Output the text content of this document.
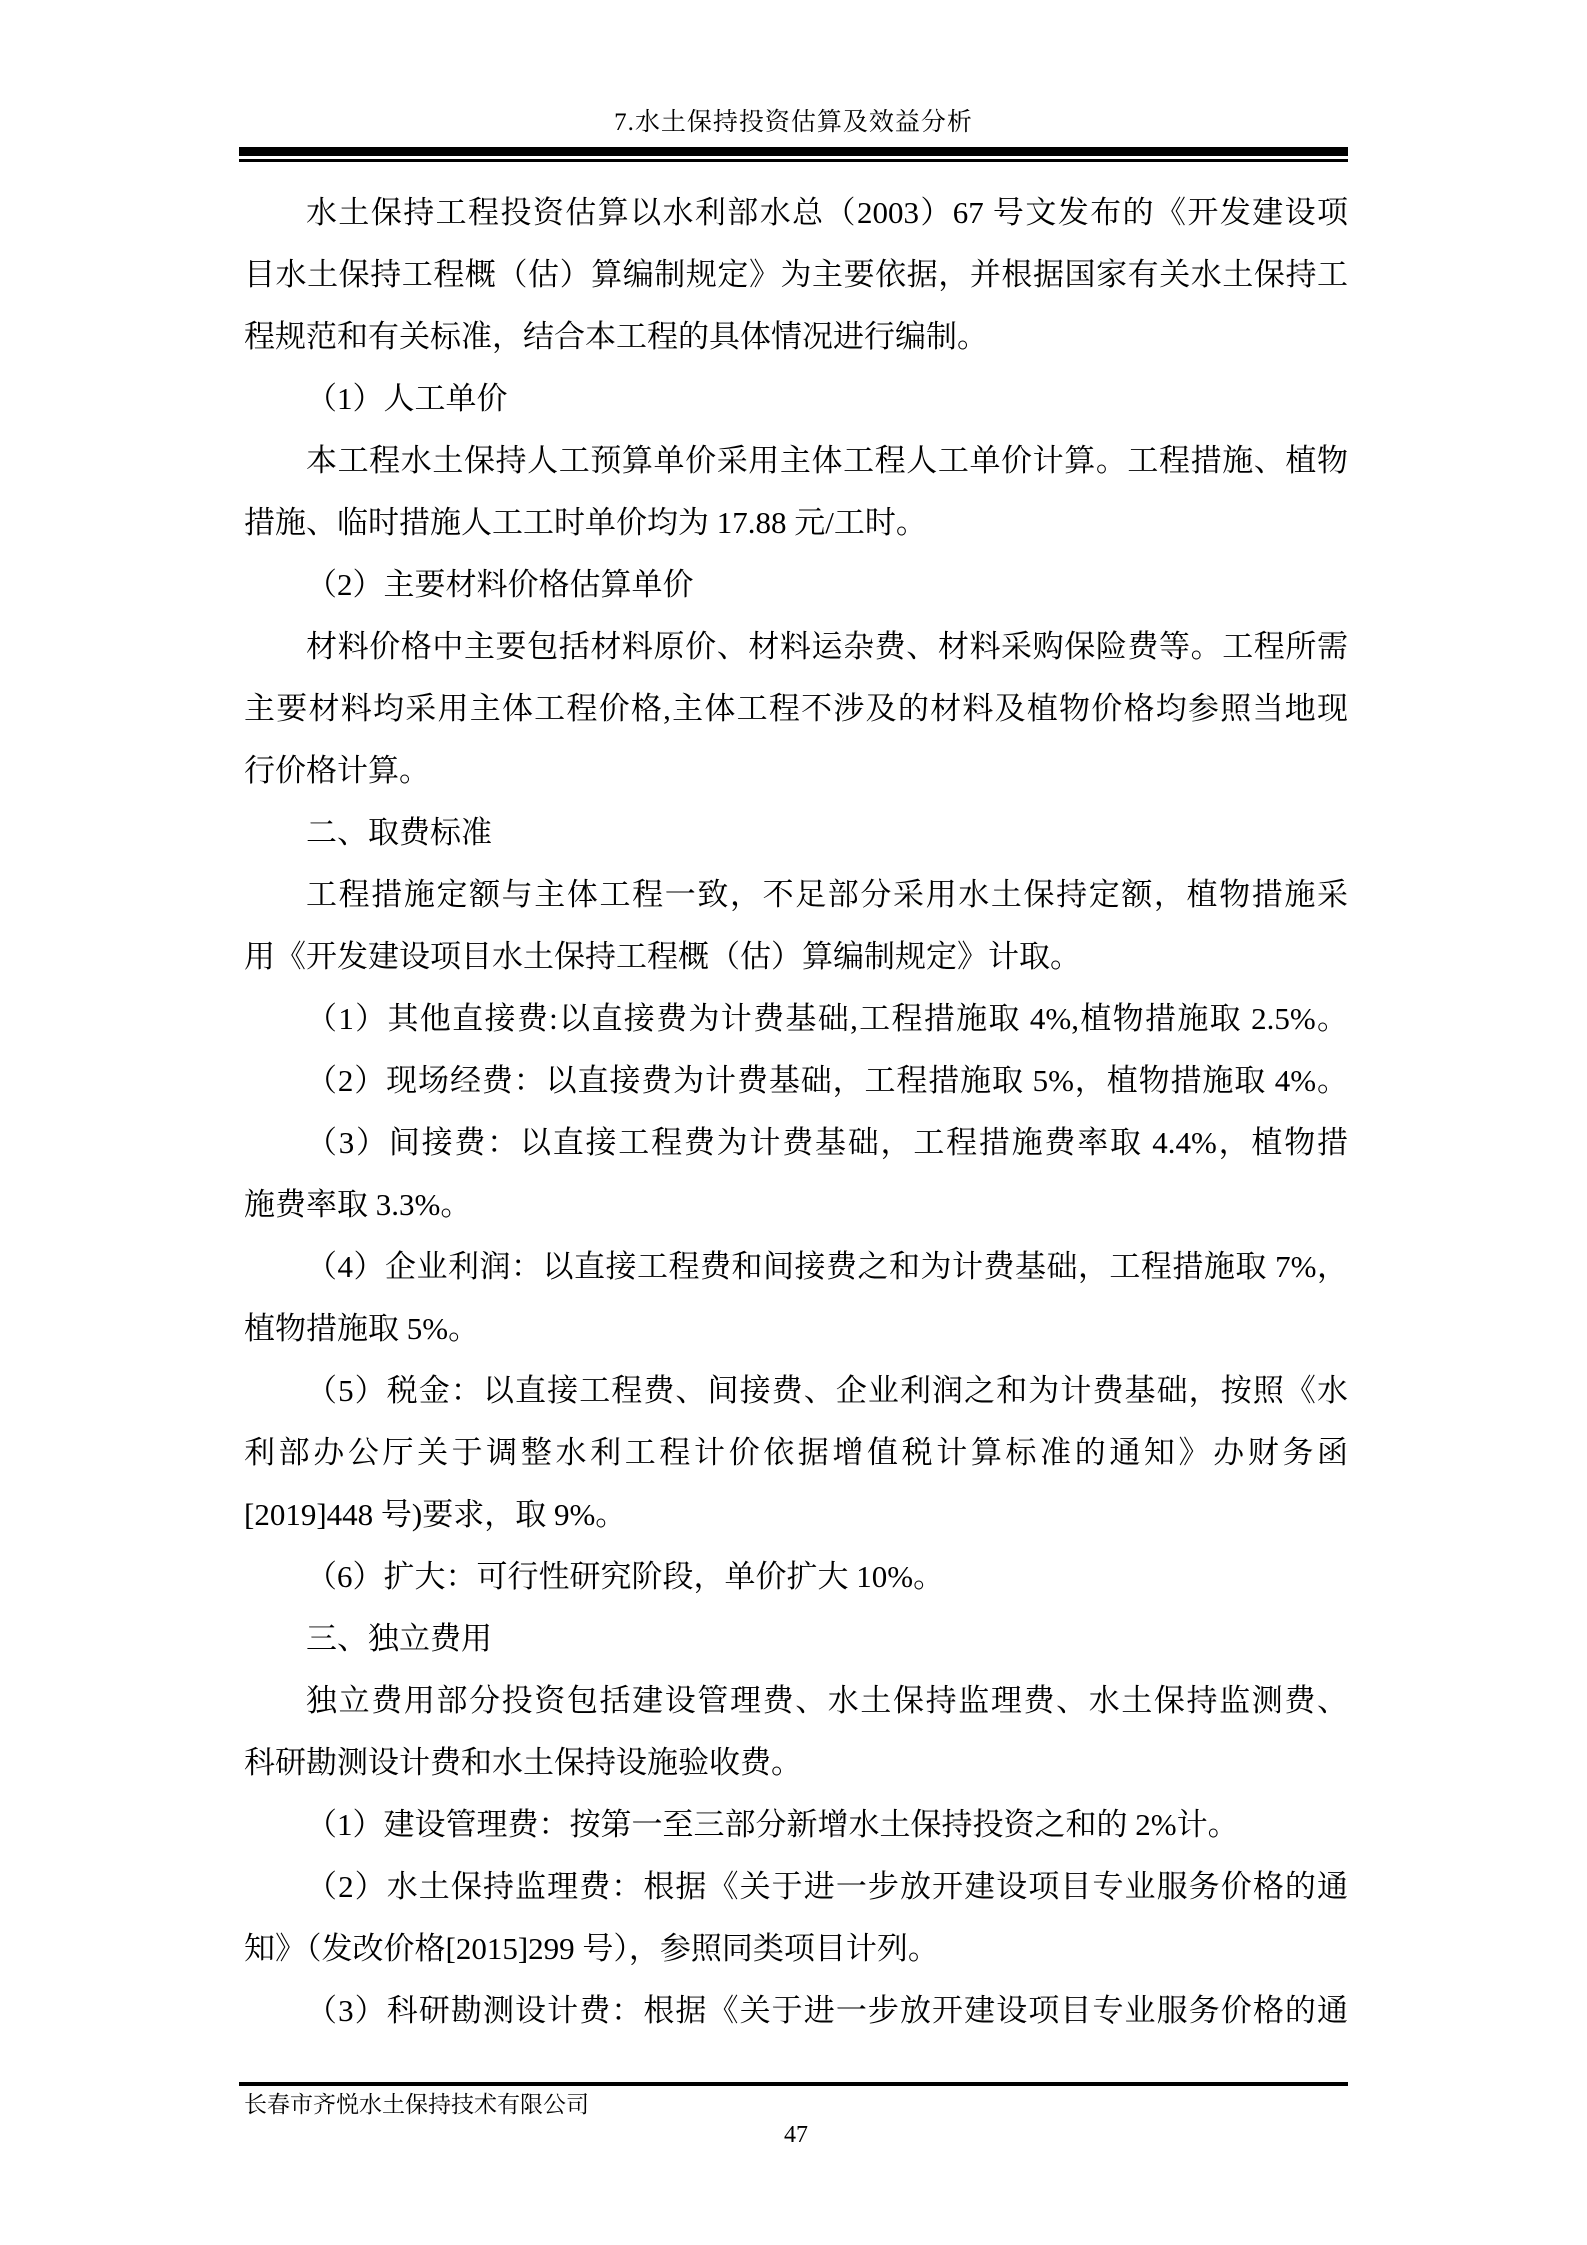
7.水土保持投资估算及效益分析
水土保持工程投资估算以水利部水总（2003）67 号文发布的《开发建设项
目水土保持工程概（估）算编制规定》为主要依据，并根据国家有关水土保持工
程规范和有关标准，结合本工程的具体情况进行编制。
（1）人工单价
本工程水土保持人工预算单价采用主体工程人工单价计算。工程措施、植物
措施、临时措施人工工时单价均为 17.88 元/工时。
（2）主要材料价格估算单价
材料价格中主要包括材料原价、材料运杂费、材料采购保险费等。工程所需
主要材料均采用主体工程价格,主体工程不涉及的材料及植物价格均参照当地现
行价格计算。
二、取费标准
工程措施定额与主体工程一致，不足部分采用水土保持定额，植物措施采
用《开发建设项目水土保持工程概（估）算编制规定》计取。
（1）其他直接费:以直接费为计费基础,工程措施取 4%,植物措施取 2.5%。
（2）现场经费：以直接费为计费基础，工程措施取 5%，植物措施取 4%。
（3）间接费：以直接工程费为计费基础，工程措施费率取 4.4%，植物措
施费率取 3.3%。
（4）企业利润：以直接工程费和间接费之和为计费基础，工程措施取 7%，
植物措施取 5%。
（5）税金：以直接工程费、间接费、企业利润之和为计费基础，按照《水
利部办公厅关于调整水利工程计价依据增值税计算标准的通知》办财务函
[2019]448 号)要求，取 9%。
（6）扩大：可行性研究阶段，单价扩大 10%。
三、独立费用
独立费用部分投资包括建设管理费、水土保持监理费、水土保持监测费、
科研勘测设计费和水土保持设施验收费。
（1）建设管理费：按第一至三部分新增水土保持投资之和的 2%计。
（2）水土保持监理费：根据《关于进一步放开建设项目专业服务价格的通
知》（发改价格[2015]299 号），参照同类项目计列。
（3）科研勘测设计费：根据《关于进一步放开建设项目专业服务价格的通
长春市齐悦水土保持技术有限公司
47
